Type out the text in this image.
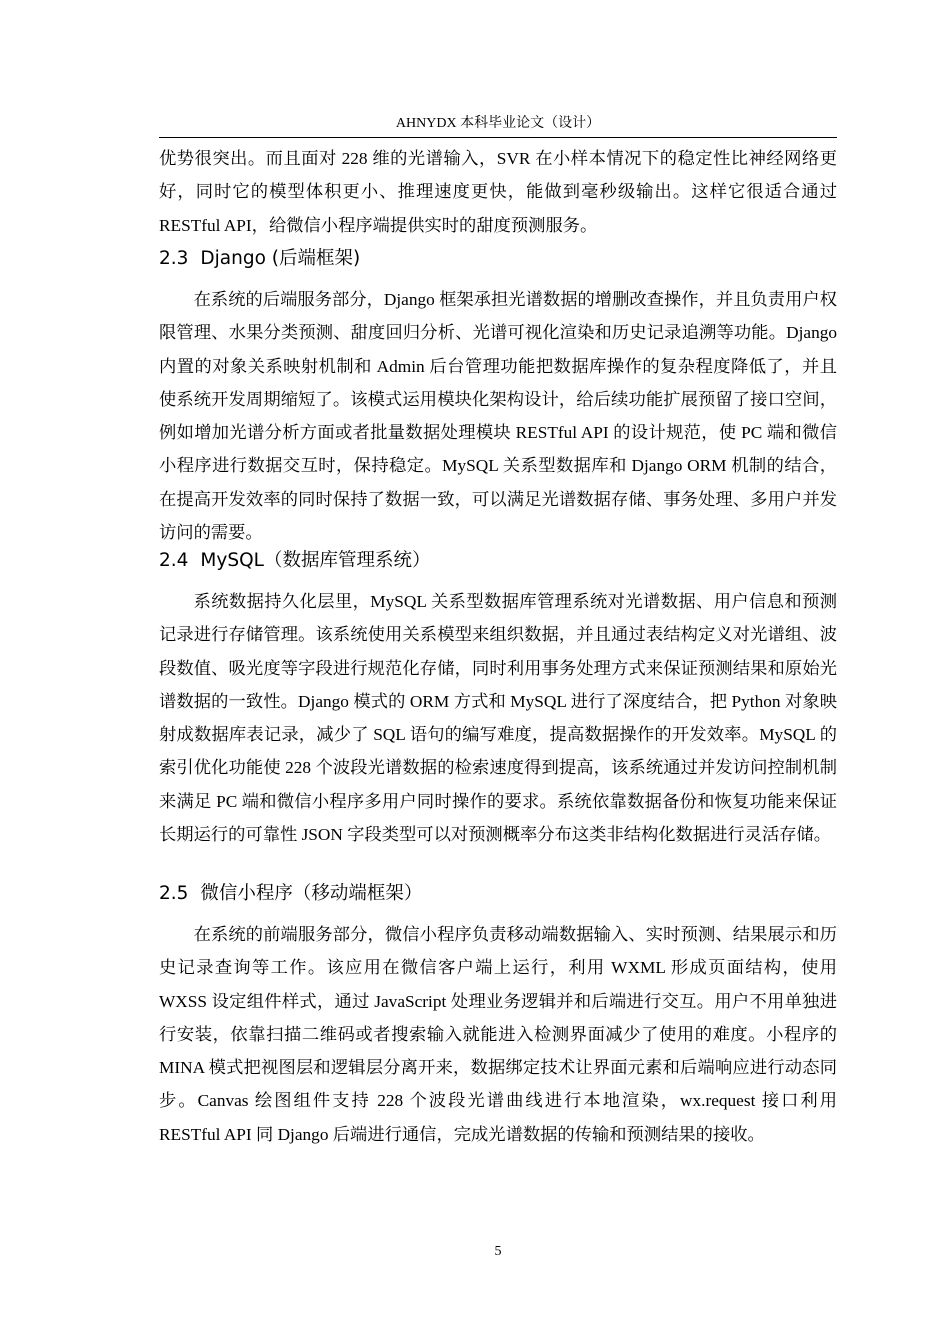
AHNYDX 本科毕业论文（设计）

优势很突出。而且面对 228 维的光谱输入，SVR 在小样本情况下的稳定性比神经网络更好，同时它的模型体积更小、推理速度更快，能做到毫秒级输出。这样它很适合通过 RESTful API，给微信小程序端提供实时的甜度预测服务。

2.3 Django (后端框架)

在系统的后端服务部分，Django 框架承担光谱数据的增删改查操作，并且负责用户权限管理、水果分类预测、甜度回归分析、光谱可视化渲染和历史记录追溯等功能。Django 内置的对象关系映射机制和 Admin 后台管理功能把数据库操作的复杂程度降低了，并且使系统开发周期缩短了。该模式运用模块化架构设计，给后续功能扩展预留了接口空间，例如增加光谱分析方面或者批量数据处理模块 RESTful API 的设计规范，使 PC 端和微信小程序进行数据交互时，保持稳定。MySQL 关系型数据库和 Django ORM 机制的结合，在提高开发效率的同时保持了数据一致，可以满足光谱数据存储、事务处理、多用户并发访问的需要。

2.4 MySQL（数据库管理系统）

系统数据持久化层里，MySQL 关系型数据库管理系统对光谱数据、用户信息和预测记录进行存储管理。该系统使用关系模型来组织数据，并且通过表结构定义对光谱组、波段数值、吸光度等字段进行规范化存储，同时利用事务处理方式来保证预测结果和原始光谱数据的一致性。Django 模式的 ORM 方式和 MySQL 进行了深度结合，把 Python 对象映射成数据库表记录，减少了 SQL 语句的编写难度，提高数据操作的开发效率。MySQL 的索引优化功能使 228 个波段光谱数据的检索速度得到提高，该系统通过并发访问控制机制来满足 PC 端和微信小程序多用户同时操作的要求。系统依靠数据备份和恢复功能来保证长期运行的可靠性 JSON 字段类型可以对预测概率分布这类非结构化数据进行灵活存储。

2.5 微信小程序（移动端框架）

在系统的前端服务部分，微信小程序负责移动端数据输入、实时预测、结果展示和历史记录查询等工作。该应用在微信客户端上运行，利用 WXML 形成页面结构，使用 WXSS 设定组件样式，通过 JavaScript 处理业务逻辑并和后端进行交互。用户不用单独进行安装，依靠扫描二维码或者搜索输入就能进入检测界面减少了使用的难度。小程序的 MINA 模式把视图层和逻辑层分离开来，数据绑定技术让界面元素和后端响应进行动态同步。Canvas 绘图组件支持 228 个波段光谱曲线进行本地渲染，wx.request 接口利用 RESTful API 同 Django 后端进行通信，完成光谱数据的传输和预测结果的接收。

5
